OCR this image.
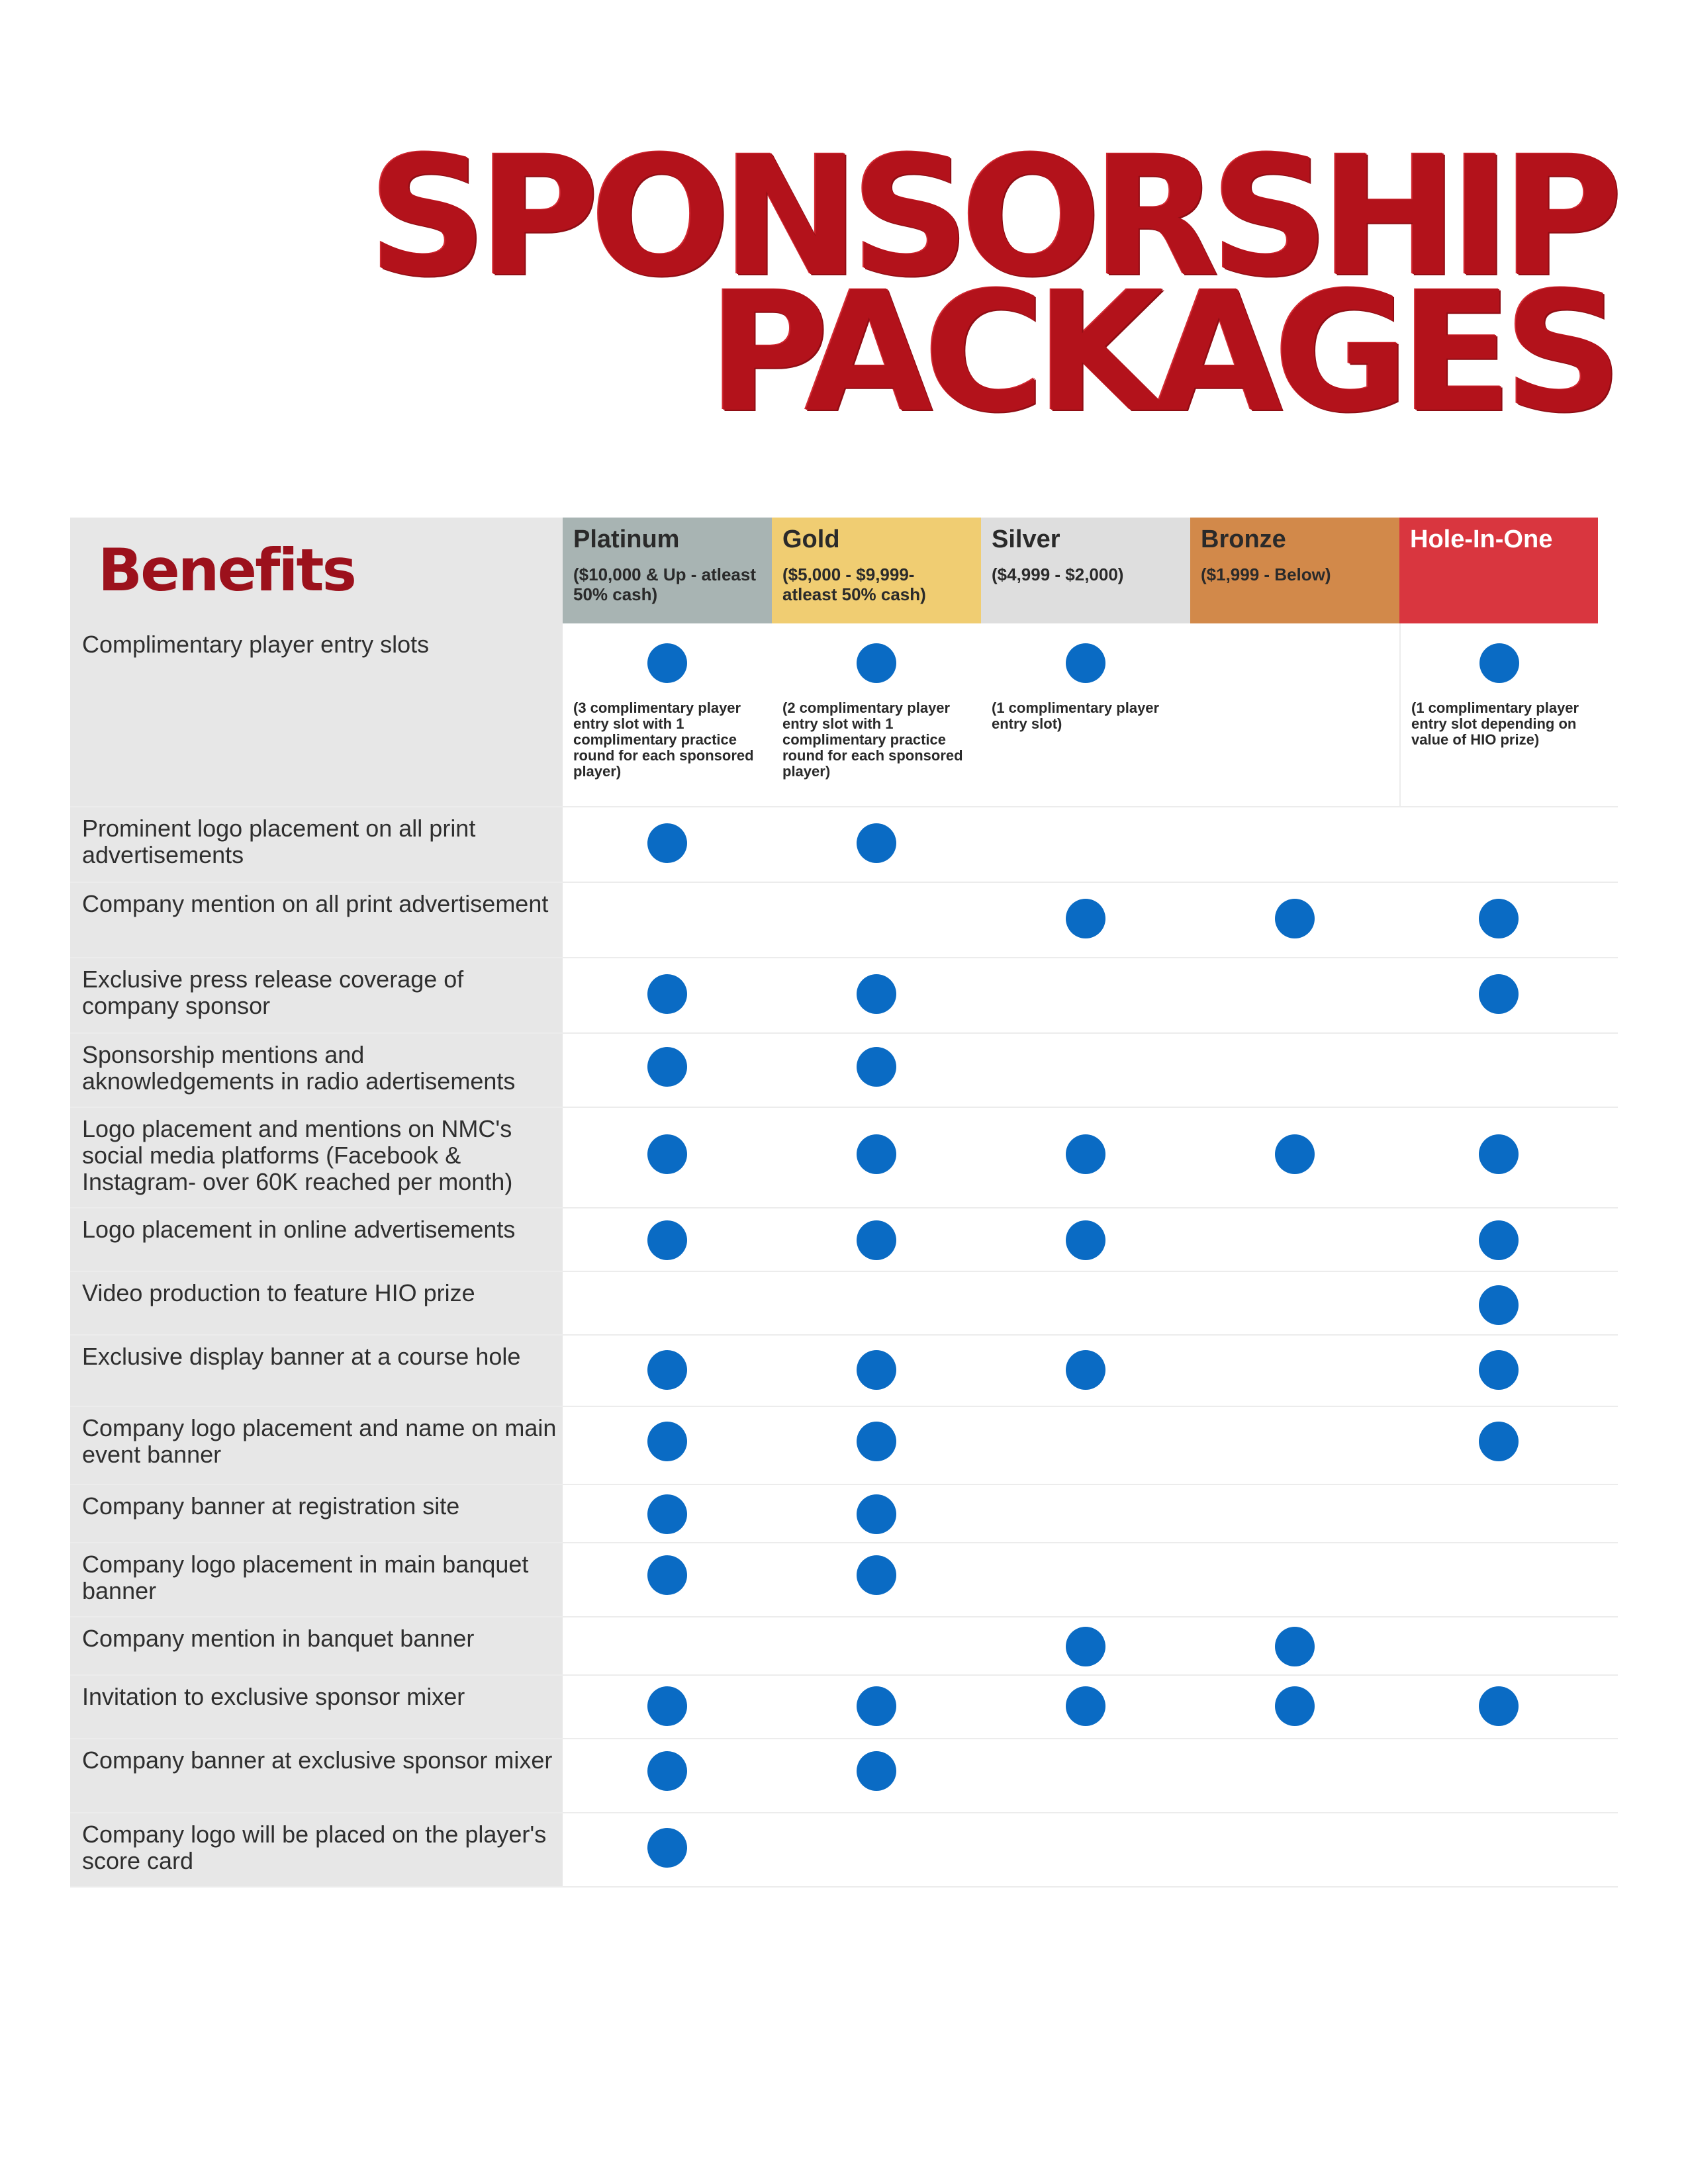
SPONSORSHIP
PACKAGES
Benefits	Platinum
($10,000 & Up - atleast 50% cash)
Gold
($5,000 - $9,999- atleast 50% cash)
Silver
($4,999 - $2,000)
Bronze
($1,999 - Below)
Hole-In-One
Complimentary player entry slots
(3 complimentary player entry slot with 1 complimentary practice round for each sponsored player)
(2 complimentary player entry slot with 1 complimentary practice round for each sponsored player)
(1 complimentary player entry slot)
(1 complimentary player entry slot depending on value of HIO prize)
Prominent logo placement on all print advertisements
Company mention on all print advertisement
Exclusive press release coverage of company sponsor
Sponsorship mentions and aknowledgements in radio adertisements
Logo placement and mentions on NMC's social media platforms (Facebook & Instagram- over 60K reached per month)
Logo placement in online advertisements
Video production to feature HIO prize
Exclusive display banner at a course hole
Company logo placement and name on main event banner
Company banner at registration site
Company logo placement in main banquet banner
Company mention in banquet banner
Invitation to exclusive sponsor mixer
Company banner at exclusive sponsor mixer
Company logo will be placed on the player's score card
